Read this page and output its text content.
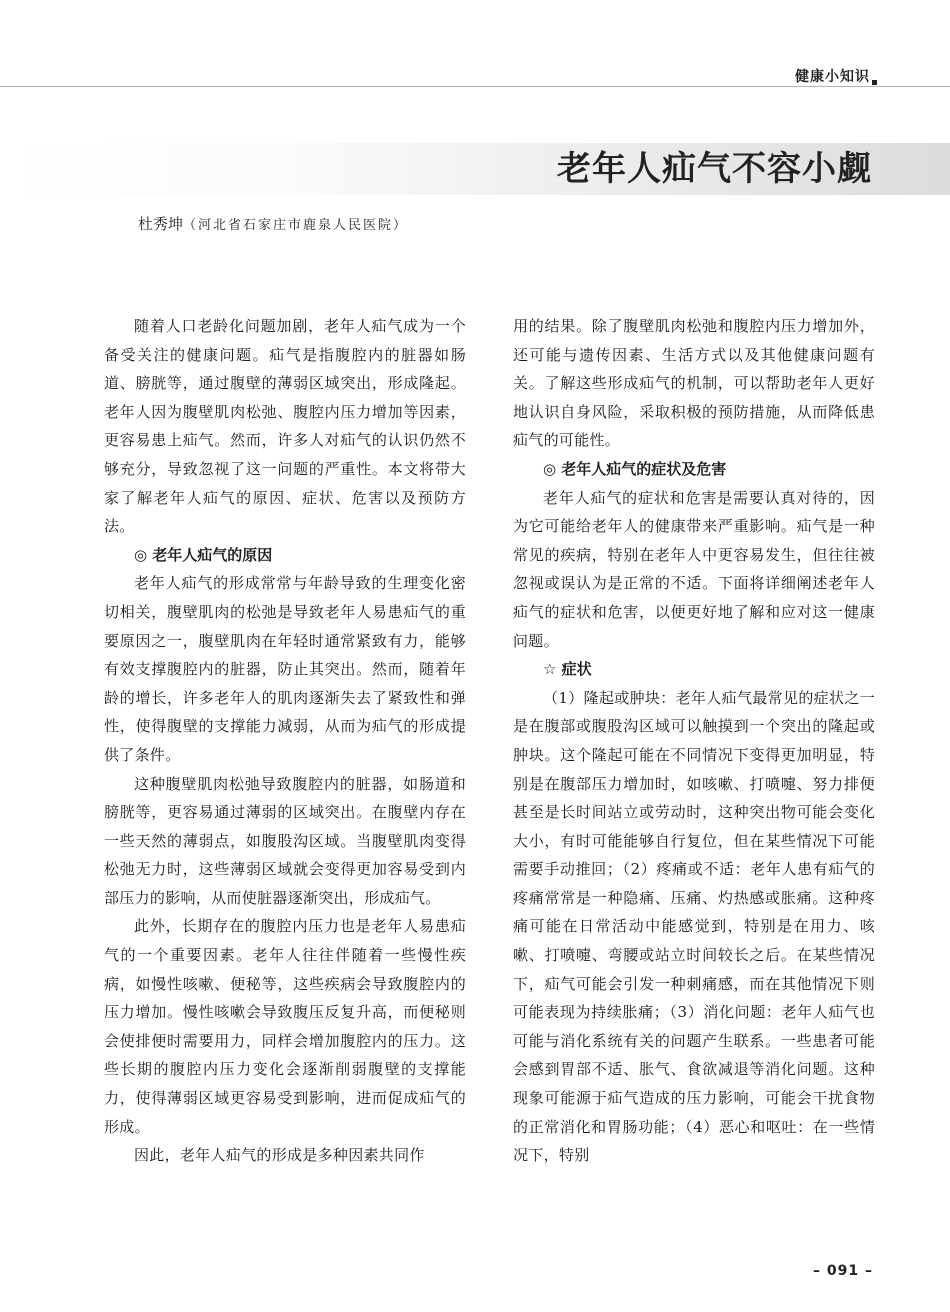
健康小知识
老年人疝气不容小觑
杜秀坤（河北省石家庄市鹿泉人民医院）

随着人口老龄化问题加剧，老年人疝气成为一个备受关注的健康问题。疝气是指腹腔内的脏器如肠道、膀胱等，通过腹壁的薄弱区域突出，形成隆起。老年人因为腹壁肌肉松弛、腹腔内压力增加等因素，更容易患上疝气。然而，许多人对疝气的认识仍然不够充分，导致忽视了这一问题的严重性。本文将带大家了解老年人疝气的原因、症状、危害以及预防方法。

◎ 老年人疝气的原因

老年人疝气的形成常常与年龄导致的生理变化密切相关，腹壁肌肉的松弛是导致老年人易患疝气的重要原因之一，腹壁肌肉在年轻时通常紧致有力，能够有效支撑腹腔内的脏器，防止其突出。然而，随着年龄的增长，许多老年人的肌肉逐渐失去了紧致性和弹性，使得腹壁的支撑能力减弱，从而为疝气的形成提供了条件。

这种腹壁肌肉松弛导致腹腔内的脏器，如肠道和膀胱等，更容易通过薄弱的区域突出。在腹壁内存在一些天然的薄弱点，如腹股沟区域。当腹壁肌肉变得松弛无力时，这些薄弱区域就会变得更加容易受到内部压力的影响，从而使脏器逐渐突出，形成疝气。

此外，长期存在的腹腔内压力也是老年人易患疝气的一个重要因素。老年人往往伴随着一些慢性疾病，如慢性咳嗽、便秘等，这些疾病会导致腹腔内的压力增加。慢性咳嗽会导致腹压反复升高，而便秘则会使排便时需要用力，同样会增加腹腔内的压力。这些长期的腹腔内压力变化会逐渐削弱腹壁的支撑能力，使得薄弱区域更容易受到影响，进而促成疝气的形成。

因此，老年人疝气的形成是多种因素共同作

用的结果。除了腹壁肌肉松弛和腹腔内压力增加外，还可能与遗传因素、生活方式以及其他健康问题有关。了解这些形成疝气的机制，可以帮助老年人更好地认识自身风险，采取积极的预防措施，从而降低患疝气的可能性。

◎ 老年人疝气的症状及危害

老年人疝气的症状和危害是需要认真对待的，因为它可能给老年人的健康带来严重影响。疝气是一种常见的疾病，特别在老年人中更容易发生，但往往被忽视或误认为是正常的不适。下面将详细阐述老年人疝气的症状和危害，以便更好地了解和应对这一健康问题。

☆ 症状

（1）隆起或肿块：老年人疝气最常见的症状之一是在腹部或腹股沟区域可以触摸到一个突出的隆起或肿块。这个隆起可能在不同情况下变得更加明显，特别是在腹部压力增加时，如咳嗽、打喷嚏、努力排便甚至是长时间站立或劳动时，这种突出物可能会变化大小，有时可能能够自行复位，但在某些情况下可能需要手动推回；（2）疼痛或不适：老年人患有疝气的疼痛常常是一种隐痛、压痛、灼热感或胀痛。这种疼痛可能在日常活动中能感觉到，特别是在用力、咳嗽、打喷嚏、弯腰或站立时间较长之后。在某些情况下，疝气可能会引发一种刺痛感，而在其他情况下则可能表现为持续胀痛；（3）消化问题：老年人疝气也可能与消化系统有关的问题产生联系。一些患者可能会感到胃部不适、胀气、食欲减退等消化问题。这种现象可能源于疝气造成的压力影响，可能会干扰食物的正常消化和胃肠功能；（4）恶心和呕吐：在一些情况下，特别

– 091 –
